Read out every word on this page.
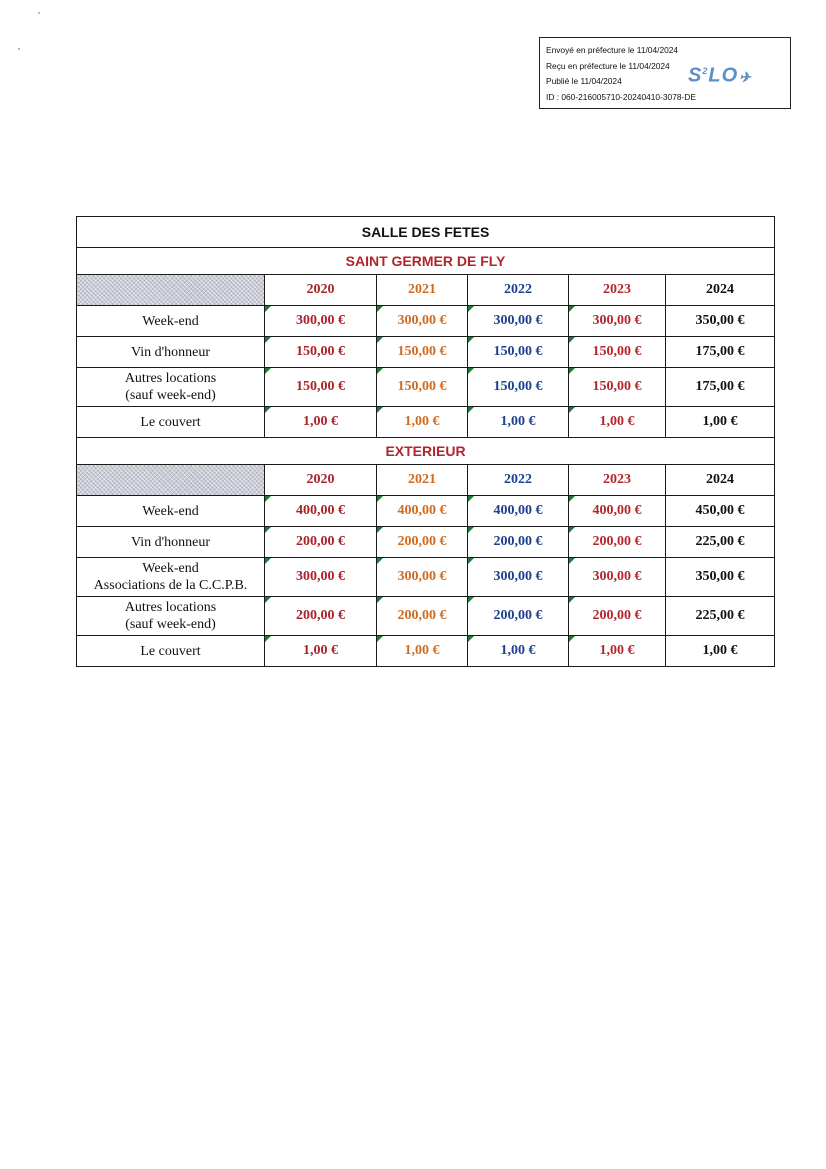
Envoyé en préfecture le 11/04/2024
Reçu en préfecture le 11/04/2024
Publié le 11/04/2024
ID : 060-216005710-20240410-3078-DE
$S^2LO✈$
SALLE DES FETES					
SAINT GERMER DE FLY					
	2020	2021	2022	2023	2024
Week-end	300,00 €	300,00 €	300,00 €	300,00 €	350,00 €
Vin d'honneur	150,00 €	150,00 €	150,00 €	150,00 €	175,00 €
Autres locations
(sauf week-end)	150,00 €	150,00 €	150,00 €	150,00 €	175,00 €
Le couvert	1,00 €	1,00 €	1,00 €	1,00 €	1,00 €
EXTERIEUR					
	2020	2021	2022	2023	2024
Week-end	400,00 €	400,00 €	400,00 €	400,00 €	450,00 €
Vin d'honneur	200,00 €	200,00 €	200,00 €	200,00 €	225,00 €
Week-end
Associations de la C.C.P.B.	300,00 €	300,00 €	300,00 €	300,00 €	350,00 €
Autres locations
(sauf week-end)	200,00 €	200,00 €	200,00 €	200,00 €	225,00 €
Le couvert	1,00 €	1,00 €	1,00 €	1,00 €	1,00 €
